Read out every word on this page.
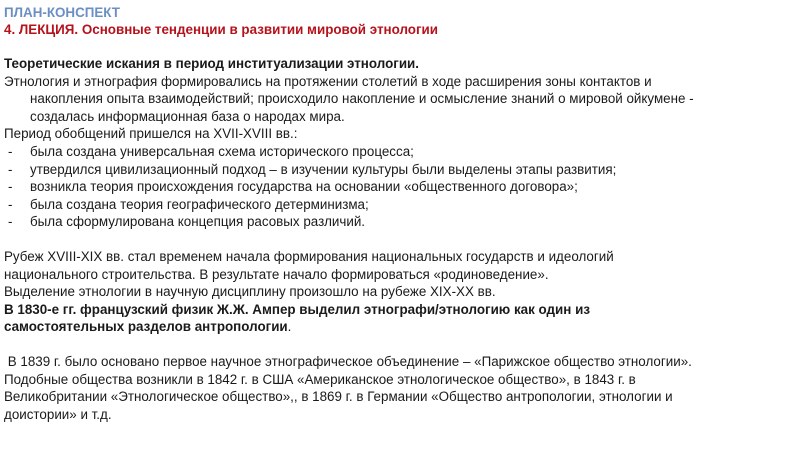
ПЛАН-КОНСПЕКТ
4. ЛЕКЦИЯ. Основные тенденции в развитии мировой этнологии

Теоретические искания в период институализации этнологии.

Этнология и этнография формировались на протяжении столетий в ходе расширения зоны контактов и

накопления опыта взаимодействий; происходило накопление и осмысление знаний о мировой ойкумене -

создалась информационная база о народах мира.

Период обобщений пришелся на XVII-XVIII вв.:

- была создана универсальная схема исторического процесса;
- утвердился цивилизационный подход – в изучении культуры были выделены этапы развития;
- возникла теория происхождения государства на основании «общественного договора»;
- была создана теория географического детерминизма;
- была сформулирована концепция расовых различий.

Рубеж XVIII-XIX вв. стал временем начала формирования национальных государств и идеологий

национального строительства. В результате начало формироваться «родиноведение».

Выделение этнологии в научную дисциплину произошло на рубеже XIX-XX вв.

В 1830-е гг. французский физик Ж.Ж. Ампер выделил этнографи/этнологию как один из

самостоятельных разделов антропологии.

В 1839 г. было основано первое научное этнографическое объединение – «Парижское общество этнологии».

Подобные общества возникли в 1842 г. в США «Американское этнологическое общество», в 1843 г. в

Великобритании «Этнологическое общество»,, в 1869 г. в Германии «Общество антропологии, этнологии и

доистории» и т.д.
